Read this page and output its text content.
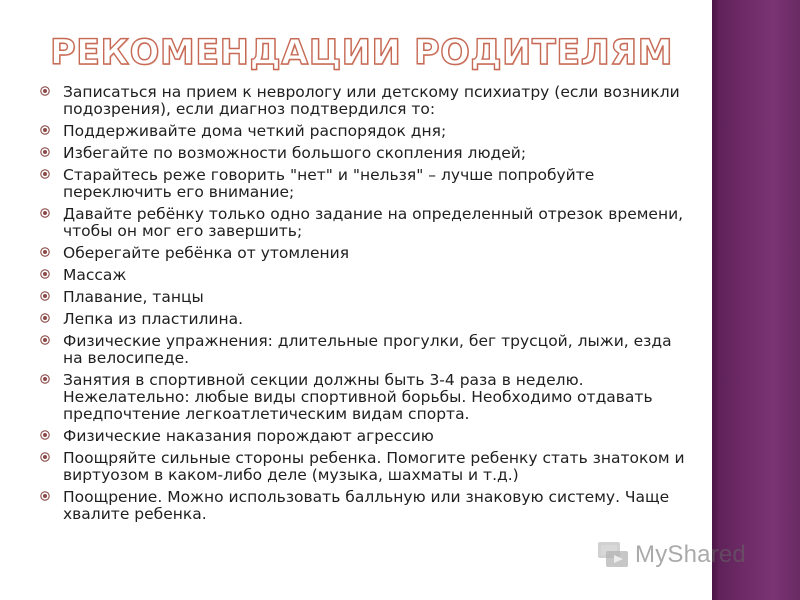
РЕКОМЕНДАЦИИ РОДИТЕЛЯМ
Записаться на прием к неврологу или детскому психиатру (если возникли подозрения), если диагноз подтвердился то:
Поддерживайте дома четкий распорядок дня;
Избегайте по возможности большого скопления людей;
Старайтесь реже говорить "нет" и "нельзя" – лучше попробуйте переключить его внимание;
Давайте ребёнку только одно задание на определенный отрезок времени, чтобы он мог его завершить;
Оберегайте ребёнка от утомления
Массаж
Плавание, танцы
Лепка из пластилина.
Физические упражнения: длительные прогулки, бег трусцой, лыжи, езда на велосипеде.
Занятия в спортивной секции должны быть 3-4 раза в неделю. Нежелательно: любые виды спортивной борьбы. Необходимо отдавать предпочтение легкоатлетическим видам спорта.
Физические наказания порождают агрессию
Поощряйте сильные стороны ребенка. Помогите ребенку стать знатоком и виртуозом в каком-либо деле (музыка, шахматы и т.д.)
Поощрение. Можно использовать балльную или знаковую систему. Чаще хвалите ребенка.
MyShared
